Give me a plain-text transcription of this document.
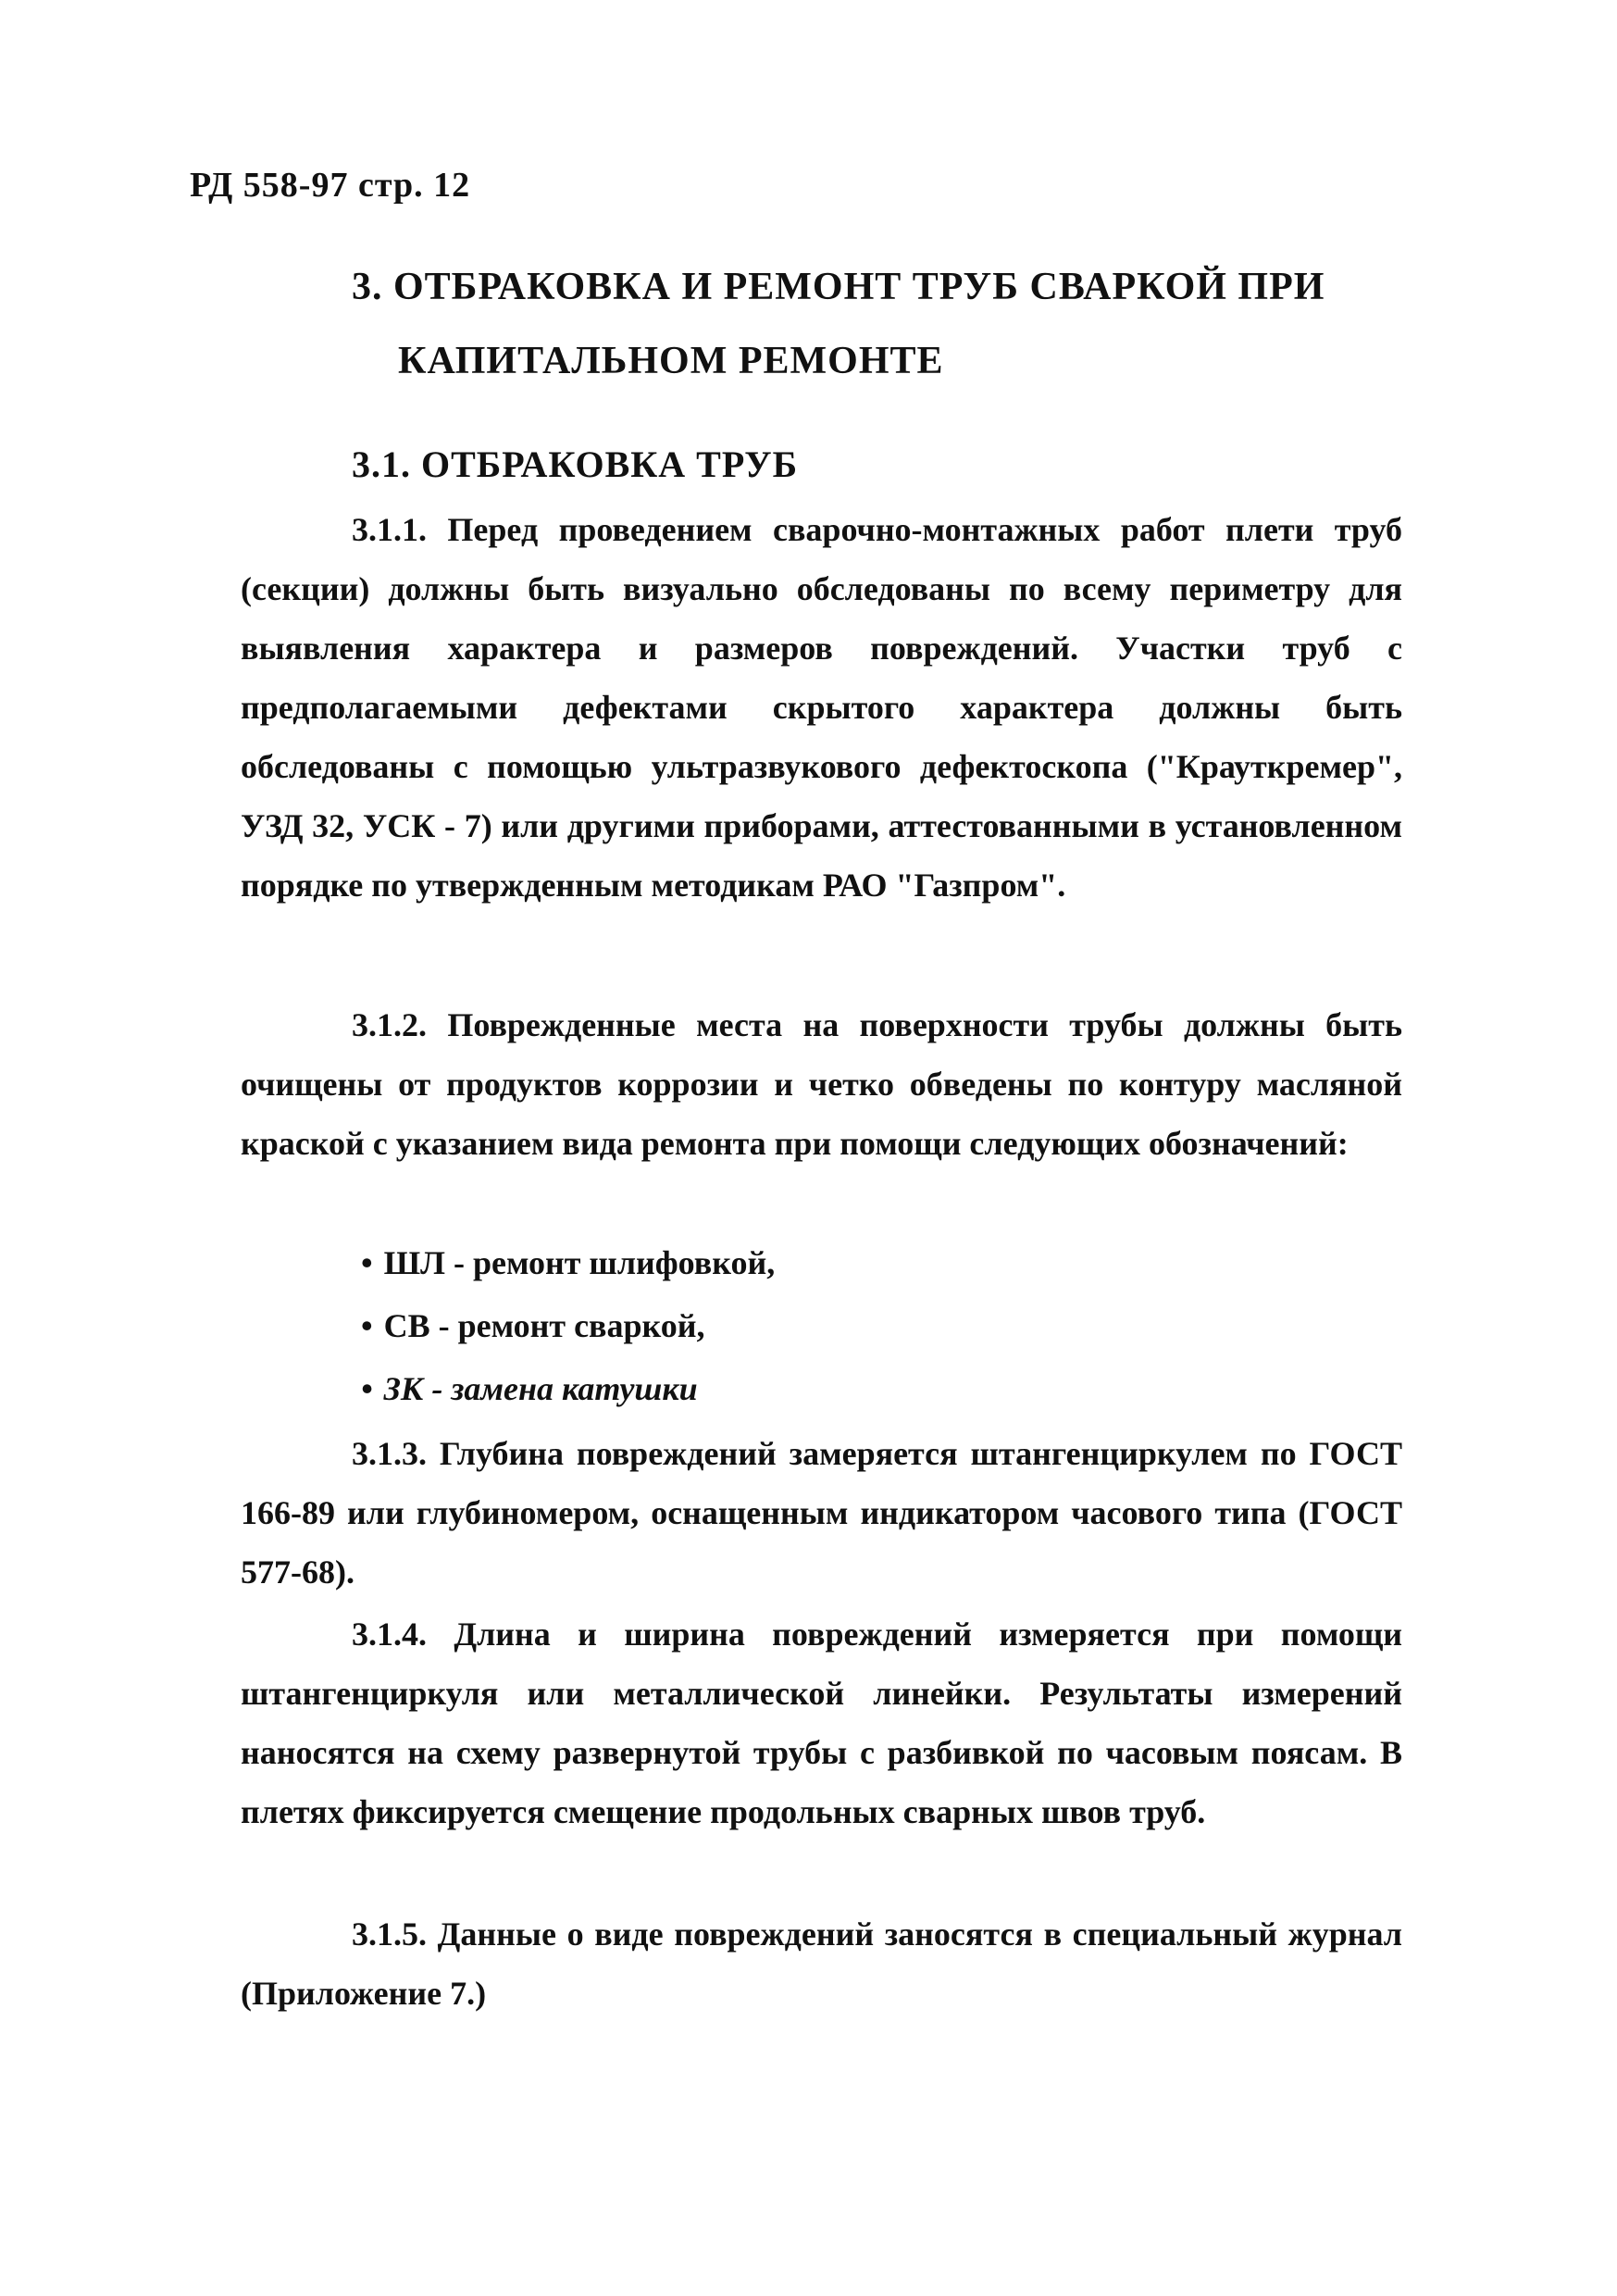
РД 558-97 стр. 12
3. ОТБРАКОВКА И РЕМОНТ ТРУБ СВАРКОЙ ПРИ
КАПИТАЛЬНОМ РЕМОНТЕ
3.1. ОТБРАКОВКА ТРУБ

3.1.1. Перед проведением сварочно-монтажных работ плети труб (секции) должны быть визуально обследованы по всему периметру для выявления характера и размеров повреждений. Участки труб с предполагаемыми дефектами скрытого характера должны быть обследованы с помощью ультразвукового дефектоскопа ("Крауткремер", УЗД 32, УСК - 7) или другими приборами, аттестованными в установленном порядке по утвержденным методикам РАО "Газпром".

3.1.2. Поврежденные места на поверхности трубы должны быть очищены от продуктов коррозии и четко обведены по контуру масляной краской с указанием вида ремонта при помощи следующих обозначений:

• ШЛ - ремонт шлифовкой,
• СВ - ремонт сваркой,
• ЗК - замена катушки

3.1.3. Глубина повреждений замеряется штангенциркулем по ГОСТ 166-89 или глубиномером, оснащенным индикатором часового типа (ГОСТ 577-68).

3.1.4. Длина и ширина повреждений измеряется при помощи штангенциркуля или металлической линейки. Результаты измерений наносятся на схему развернутой трубы с разбивкой по часовым поясам. В плетях фиксируется смещение продольных сварных швов труб.

3.1.5. Данные о виде повреждений заносятся в специальный журнал (Приложение 7.)
